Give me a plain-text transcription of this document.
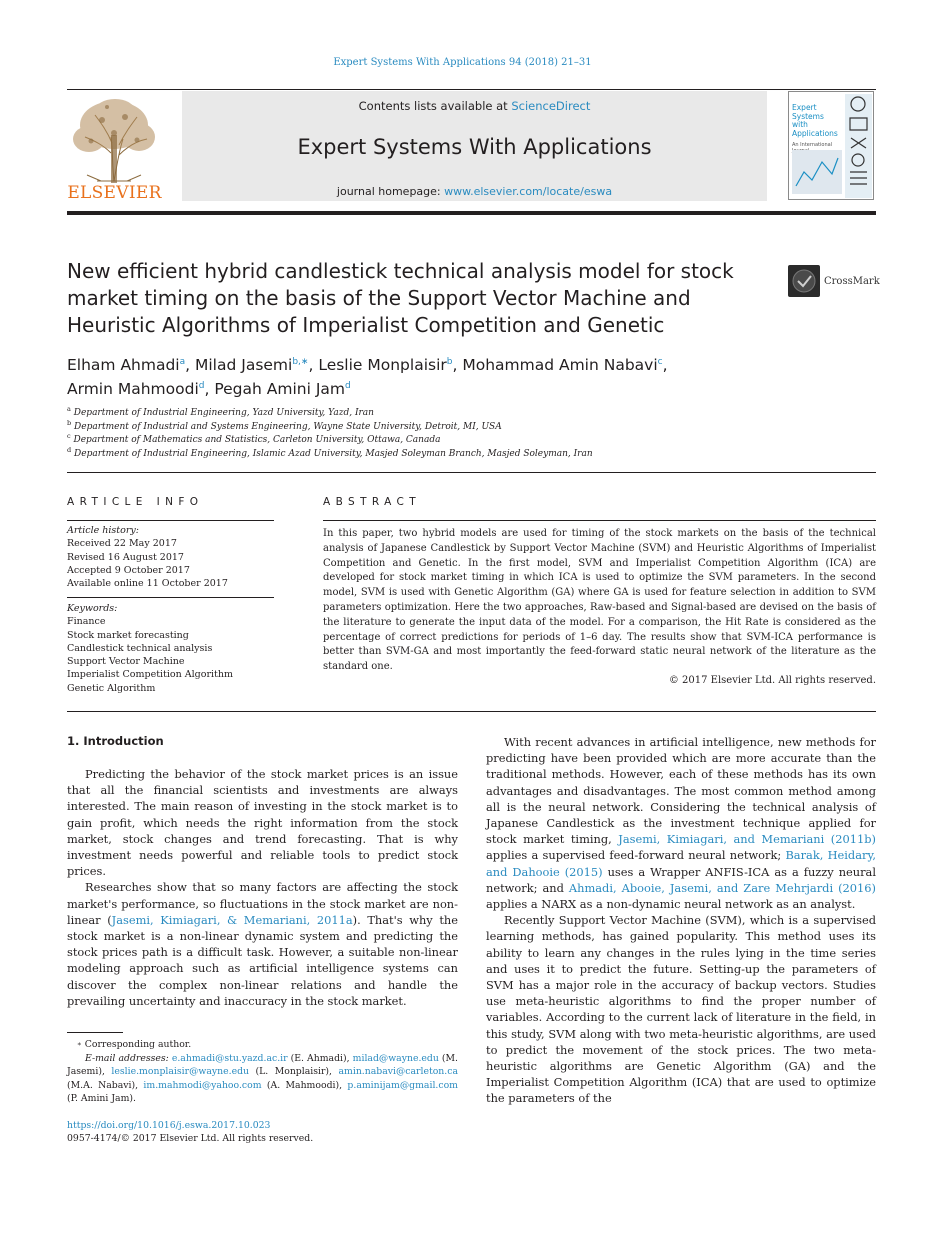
Expert Systems With Applications 94 (2018) 21–31
ELSEVIER
Contents lists available at ScienceDirect
Expert Systems With Applications
journal homepage: www.elsevier.com/locate/eswa
Expert
Systems
with
Applications
An International
New efficient hybrid candlestick technical analysis model for stock
market timing on the basis of the Support Vector Machine and
Heuristic Algorithms of Imperialist Competition and Genetic
CrossMark
Elham Ahmadi$^a$, Milad Jasemi$^{b,∗}$, Leslie Monplaisir$^b$, Mohammad Amin Nabavi$^c$,
Armin Mahmoodi$^d$, Pegah Amini Jam$^d$
$^a$ Department of Industrial Engineering, Yazd University, Yazd, Iran
$^b$ Department of Industrial and Systems Engineering, Wayne State University, Detroit, MI, USA
$^c$ Department of Mathematics and Statistics, Carleton University, Ottawa, Canada
$^d$ Department of Industrial Engineering, Islamic Azad University, Masjed Soleyman Branch, Masjed Soleyman, Iran
ARTICLE INFO
Article history:
Received 22 May 2017
Revised 16 August 2017
Accepted 9 October 2017
Available online 11 October 2017
Keywords:
Finance
Stock market forecasting
Candlestick technical analysis
Support Vector Machine
Imperialist Competition Algorithm
Genetic Algorithm
ABSTRACT
In this paper, two hybrid models are used for timing of the stock markets on the basis of the technical analysis of Japanese Candlestick by Support Vector Machine (SVM) and Heuristic Algorithms of Imperialist Competition and Genetic. In the first model, SVM and Imperialist Competition Algorithm (ICA) are developed for stock market timing in which ICA is used to optimize the SVM parameters. In the second model, SVM is used with Genetic Algorithm (GA) where GA is used for feature selection in addition to SVM parameters optimization. Here the two approaches, Raw-based and Signal-based are devised on the basis of the literature to generate the input data of the model. For a comparison, the Hit Rate is considered as the percentage of correct predictions for periods of 1–6 day. The results show that SVM-ICA performance is better than SVM-GA and most importantly the feed-forward static neural network of the literature as the standard one.
© 2017 Elsevier Ltd. All rights reserved.
1. Introduction

Predicting the behavior of the stock market prices is an issue that all the financial scientists and investments are always interested. The main reason of investing in the stock market is to gain profit, which needs the right information from the stock market, stock changes and trend forecasting. That is why investment needs powerful and reliable tools to predict stock prices.

Researches show that so many factors are affecting the stock market's performance, so fluctuations in the stock market are non-linear (Jasemi, Kimiagari, & Memariani, 2011a). That's why the stock market is a non-linear dynamic system and predicting the stock prices path is a difficult task. However, a suitable non-linear modeling approach such as artificial intelligence systems can discover the complex non-linear relations and handle the prevailing uncertainty and inaccuracy in the stock market.

With recent advances in artificial intelligence, new methods for predicting have been provided which are more accurate than the traditional methods. However, each of these methods has its own advantages and disadvantages. The most common method among all is the neural network. Considering the technical analysis of Japanese Candlestick as the investment technique applied for stock market timing, Jasemi, Kimiagari, and Memariani (2011b) applies a supervised feed-forward neural network; Barak, Heidary, and Dahooie (2015) uses a Wrapper ANFIS-ICA as a fuzzy neural network; and Ahmadi, Abooie, Jasemi, and Zare Mehrjardi (2016) applies a NARX as a non-dynamic neural network as an analyst.

Recently Support Vector Machine (SVM), which is a supervised learning methods, has gained popularity. This method uses its ability to learn any changes in the rules lying in the time series and uses it to predict the future. Setting-up the parameters of SVM has a major role in the accuracy of backup vectors. Studies use meta-heuristic algorithms to find the proper number of variables. According to the current lack of literature in the field, in this study, SVM along with two meta-heuristic algorithms, are used to predict the movement of the stock prices. The two meta-heuristic algorithms are Genetic Algorithm (GA) and the Imperialist Competition Algorithm (ICA) that are used to optimize the parameters of the

∗ Corresponding author.
E-mail addresses: e.ahmadi@stu.yazd.ac.ir (E. Ahmadi), milad@wayne.edu (M. Jasemi), leslie.monplaisir@wayne.edu (L. Monplaisir), amin.nabavi@carleton.ca (M.A. Nabavi), im.mahmodi@yahoo.com (A. Mahmoodi), p.aminijam@gmail.com (P. Amini Jam).
https://doi.org/10.1016/j.eswa.2017.10.023
0957-4174/© 2017 Elsevier Ltd. All rights reserved.
